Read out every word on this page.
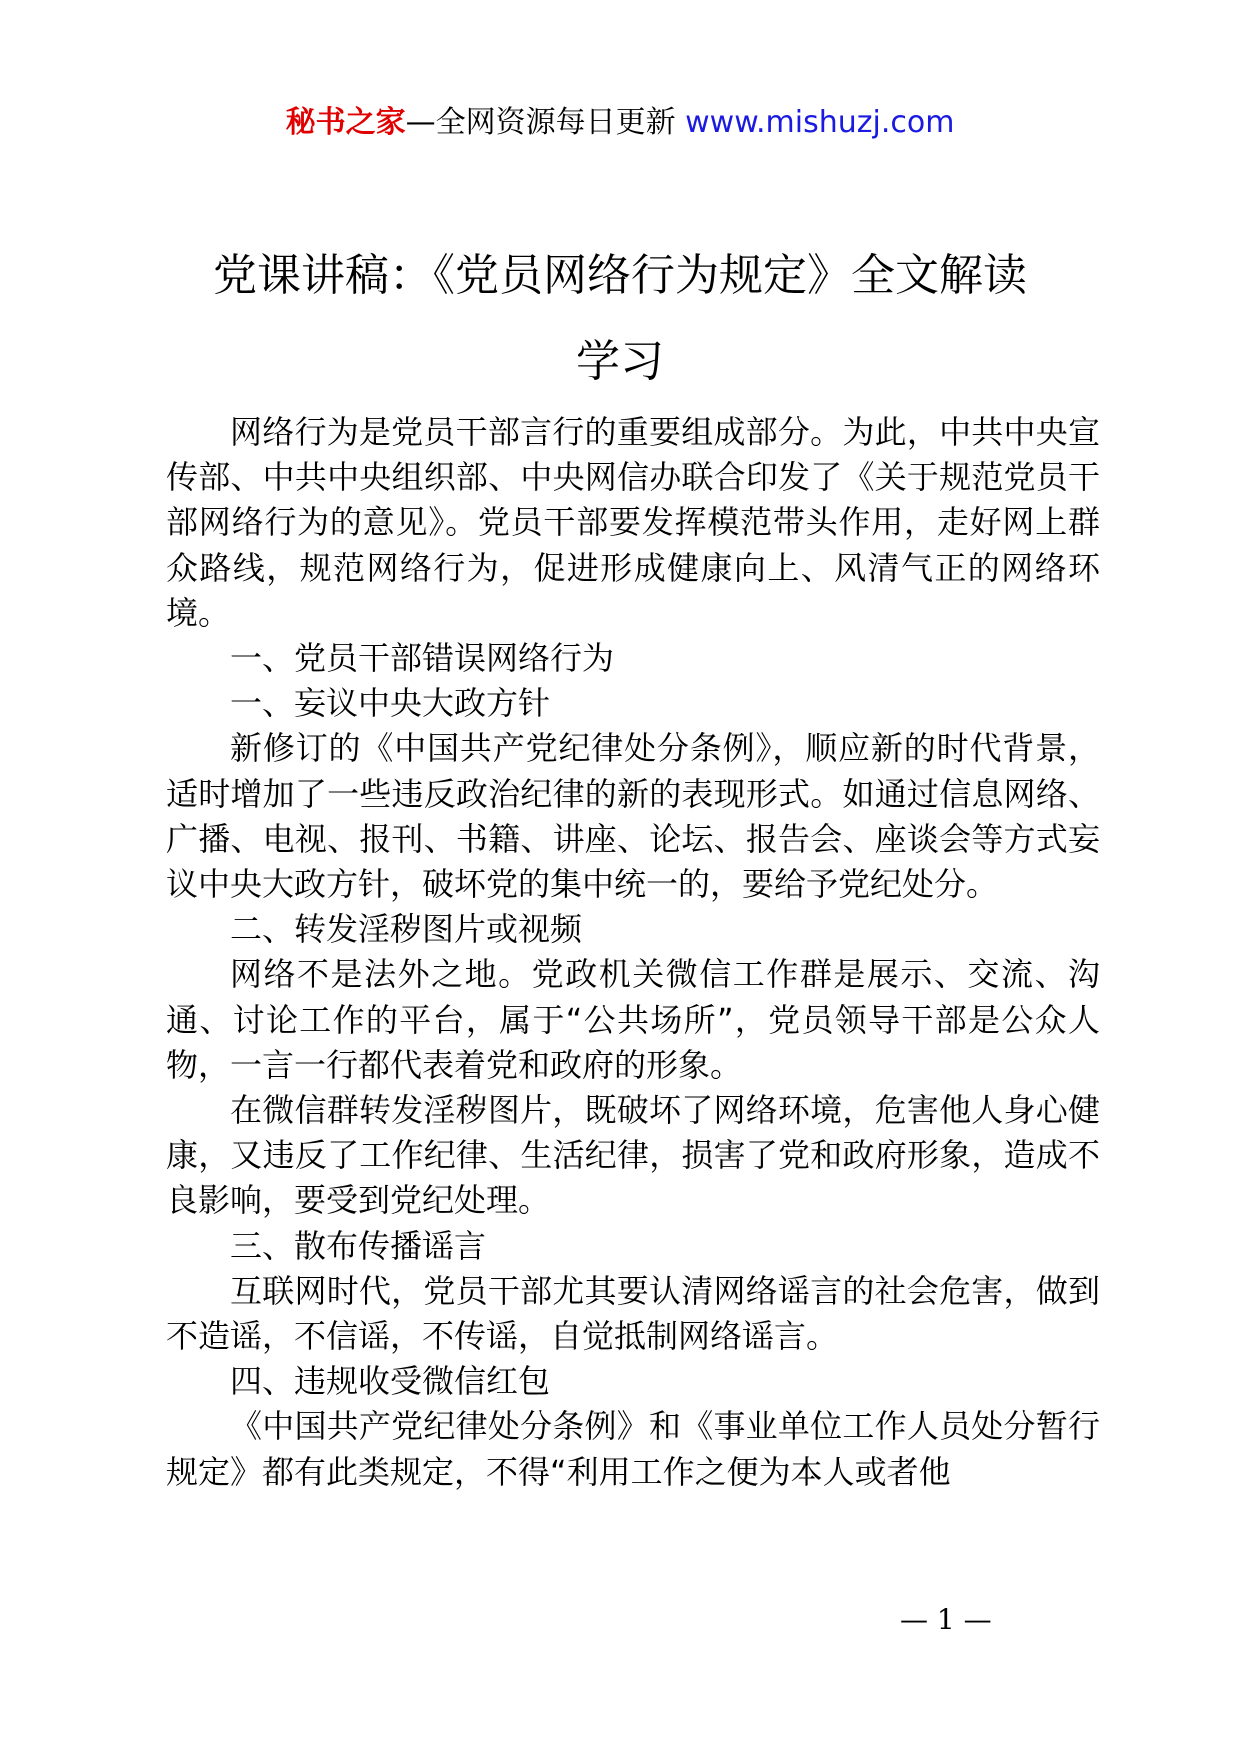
秘书之家—全网资源每日更新 www.mishuzj.com
党课讲稿：《党员网络行为规定》全文解读
学习

网络行为是党员干部言行的重要组成部分。为此，中共中央宣传部、中共中央组织部、中央网信办联合印发了《关于规范党员干部网络行为的意见》。党员干部要发挥模范带头作用，走好网上群众路线，规范网络行为，促进形成健康向上、风清气正的网络环境。

一、党员干部错误网络行为

一、妄议中央大政方针

新修订的《中国共产党纪律处分条例》，顺应新的时代背景，适时增加了一些违反政治纪律的新的表现形式。如通过信息网络、广播、电视、报刊、书籍、讲座、论坛、报告会、座谈会等方式妄议中央大政方针，破坏党的集中统一的，要给予党纪处分。

二、转发淫秽图片或视频

网络不是法外之地。党政机关微信工作群是展示、交流、沟通、讨论工作的平台，属于“公共场所”，党员领导干部是公众人物，一言一行都代表着党和政府的形象。

在微信群转发淫秽图片，既破坏了网络环境，危害他人身心健康，又违反了工作纪律、生活纪律，损害了党和政府形象，造成不良影响，要受到党纪处理。

三、散布传播谣言

互联网时代，党员干部尤其要认清网络谣言的社会危害，做到不造谣，不信谣，不传谣，自觉抵制网络谣言。

四、违规收受微信红包

《中国共产党纪律处分条例》和《事业单位工作人员处分暂行规定》都有此类规定，不得“利用工作之便为本人或者他

— 1 —
